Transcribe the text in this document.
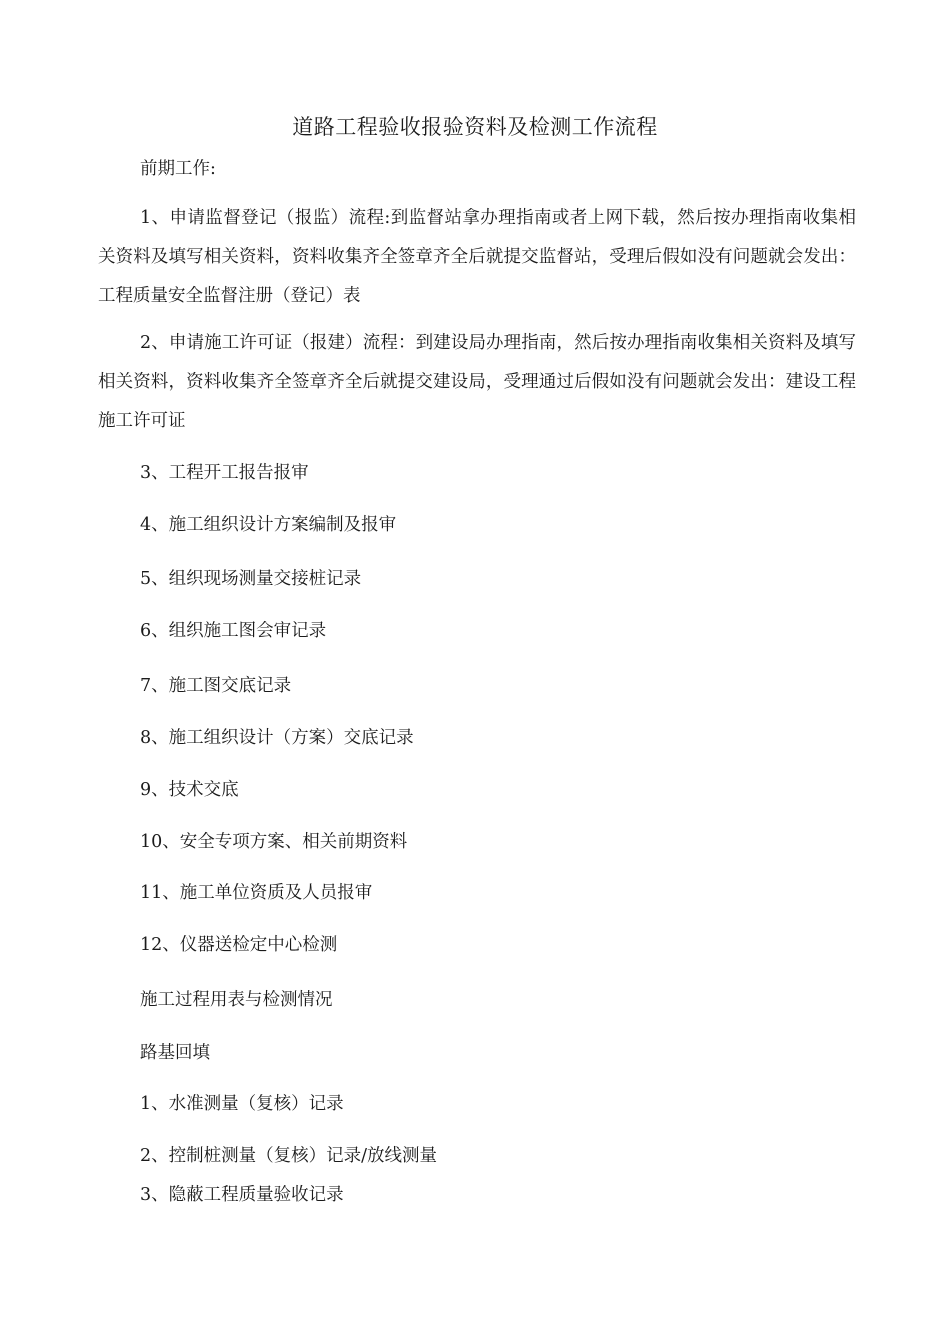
道路工程验收报验资料及检测工作流程
前期工作:
1、申请监督登记（报监）流程:到监督站拿办理指南或者上网下载，然后按办理指南收集相关资料及填写相关资料，资料收集齐全签章齐全后就提交监督站，受理后假如没有问题就会发出：工程质量安全监督注册（登记）表
2、申请施工许可证（报建）流程：到建设局办理指南，然后按办理指南收集相关资料及填写相关资料，资料收集齐全签章齐全后就提交建设局，受理通过后假如没有问题就会发出：建设工程施工许可证
3、工程开工报告报审
4、施工组织设计方案编制及报审
5、组织现场测量交接桩记录
6、组织施工图会审记录
7、施工图交底记录
8、施工组织设计（方案）交底记录
9、技术交底
10、安全专项方案、相关前期资料
11、施工单位资质及人员报审
12、仪器送检定中心检测
施工过程用表与检测情况
路基回填
1、水准测量（复核）记录
2、控制桩测量（复核）记录/放线测量
3、隐蔽工程质量验收记录
